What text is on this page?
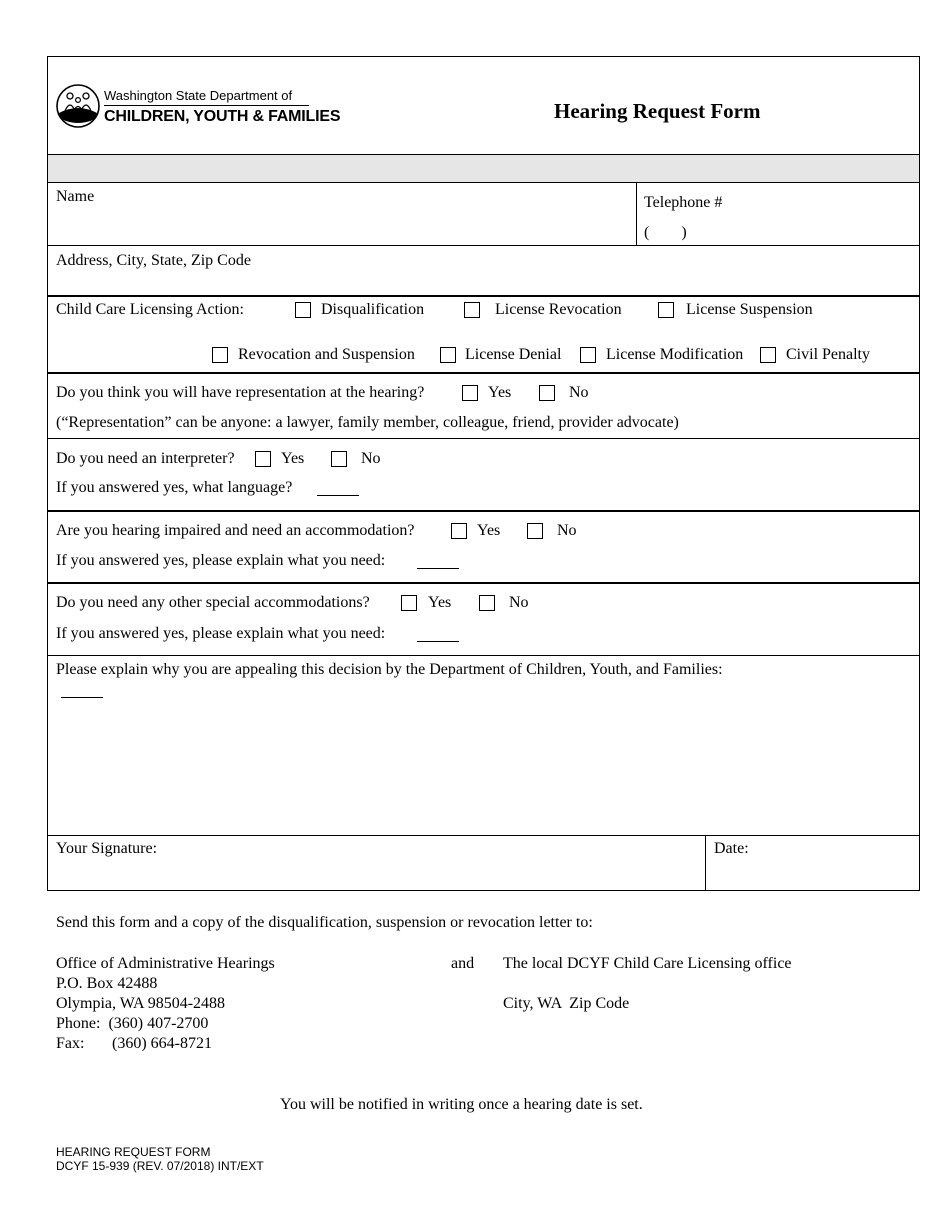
Washington State Department of
CHILDREN, YOUTH & FAMILIES	Hearing Request Form
Name	Telephone #
(        )
Address, City, State, Zip Code
Child Care Licensing Action:	Disqualification	License Revocation	License Suspension
Revocation and Suspension	License Denial	License Modification	Civil Penalty
Do you think you will have representation at the hearing?	Yes	No
(“Representation” can be anyone: a lawyer, family member, colleague, friend, provider advocate)
Do you need an interpreter?	Yes	No
If you answered yes, what language?
Are you hearing impaired and need an accommodation?	Yes	No
If you answered yes, please explain what you need:
Do you need any other special accommodations?	Yes	No
If you answered yes, please explain what you need:
Please explain why you are appealing this decision by the Department of Children, Youth, and Families:
Your Signature:	Date:
Send this form and a copy of the disqualification, suspension or revocation letter to:
Office of Administrative Hearings
P.O. Box 42488
Olympia, WA 98504-2488
Phone:  (360) 407-2700
Fax: (360) 664-8721
and The local DCYF Child Care Licensing office
City, WA  Zip Code
You will be notified in writing once a hearing date is set.
HEARING REQUEST FORM
DCYF 15-939 (REV. 07/2018) INT/EXT
